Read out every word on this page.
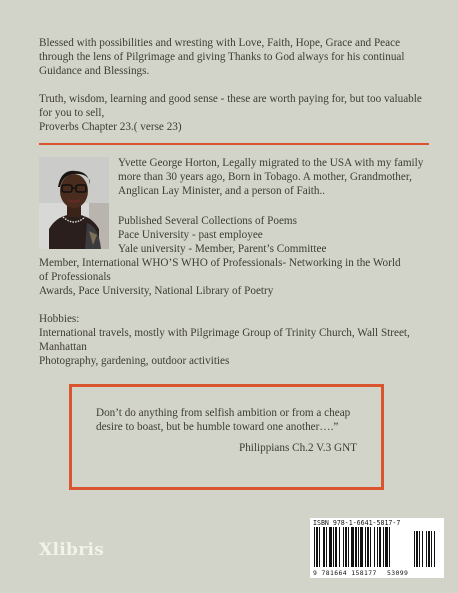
Blessed with possibilities and wresting with Love, Faith, Hope, Grace and Peace

through the lens of Pilgrimage and giving Thanks to God always for his continual

Guidance and Blessings.

Truth, wisdom, learning and good sense - these are worth paying for, but too valuable

for you to sell,

Proverbs Chapter 23.( verse 23)

Yvette George Horton, Legally migrated to the USA with my family

more than 30 years ago, Born in Tobago. A mother, Grandmother,

Anglican Lay Minister, and a person of Faith..

Published Several Collections of Poems

Pace University - past employee

Yale university - Member, Parent’s Committee

Member, International WHO’S WHO of Professionals- Networking in the World

of Professionals

Awards, Pace University, National Library of Poetry

Hobbies:

International travels, mostly with Pilgrimage Group of Trinity Church, Wall Street,

Manhattan

Photography, gardening, outdoor activities

Don’t do anything from selfish ambition or from a cheap
desire to boast, but be humble toward one another….”
Philippians Ch.2 V.3 GNT
Xlibris
ISBN 978-1-6641-5817-7
9 781664 158177 53099
